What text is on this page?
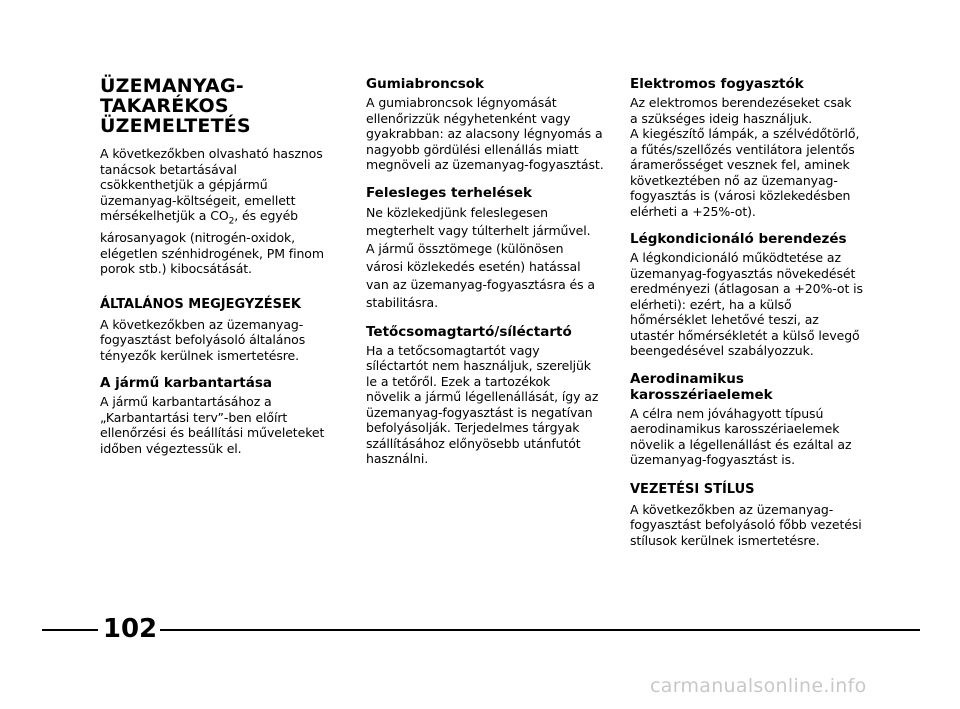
ÜZEMANYAG-
TAKARÉKOS
ÜZEMELTETÉS

A következőkben olvasható hasznos
tanácsok betartásával
csökkenthetjük a gépjármű
üzemanyag-költségeit, emellett
mérsékelhetjük a $CO_2$, és egyéb
károsanyagok (nitrogén-oxidok,
elégetlen szénhidrogének, PM finom
porok stb.) kibocsátását.

ÁLTALÁNOS MEGJEGYZÉSEK

A következőkben az üzemanyag-
fogyasztást befolyásoló általános
tényezők kerülnek ismertetésre.

A jármű karbantartása

A jármű karbantartásához a
„Karbantartási terv”-ben előírt
ellenőrzési és beállítási műveleteket
időben végeztessük el.

Gumiabroncsok

A gumiabroncsok légnyomását
ellenőrizzük négyhetenként vagy
gyakrabban: az alacsony légnyomás a
nagyobb gördülési ellenállás miatt
megnöveli az üzemanyag-fogyasztást.

Felesleges terhelések

Ne közlekedjünk feleslegesen
megterhelt vagy túlterhelt járművel.
A jármű össztömege (különösen
városi közlekedés esetén) hatással
van az üzemanyag-fogyasztásra és a
stabilitásra.

Tetőcsomagtartó/síléctartó

Ha a tetőcsomagtartót vagy
síléctartót nem használjuk, szereljük
le a tetőről. Ezek a tartozékok
növelik a jármű légellenállását, így az
üzemanyag-fogyasztást is negatívan
befolyásolják. Terjedelmes tárgyak
szállításához előnyösebb utánfutót
használni.

Elektromos fogyasztók

Az elektromos berendezéseket csak
a szükséges ideig használjuk.
A kiegészítő lámpák, a szélvédőtörlő,
a fűtés/szellőzés ventilátora jelentős
áramerősséget vesznek fel, aminek
következtében nő az üzemanyag-
fogyasztás is (városi közlekedésben
elérheti a +25%-ot).

Légkondicionáló berendezés

A légkondicionáló működtetése az
üzemanyag-fogyasztás növekedését
eredményezi (átlagosan a +20%-ot is
elérheti): ezért, ha a külső
hőmérséklet lehetővé teszi, az
utastér hőmérsékletét a külső levegő
beengedésével szabályozzuk.

Aerodinamikus
karosszériaelemek

A célra nem jóváhagyott típusú
aerodinamikus karosszériaelemek
növelik a légellenállást és ezáltal az
üzemanyag-fogyasztást is.

VEZETÉSI STÍLUS

A következőkben az üzemanyag-
fogyasztást befolyásoló főbb vezetési
stílusok kerülnek ismertetésre.

102
carmanualsonline.info
